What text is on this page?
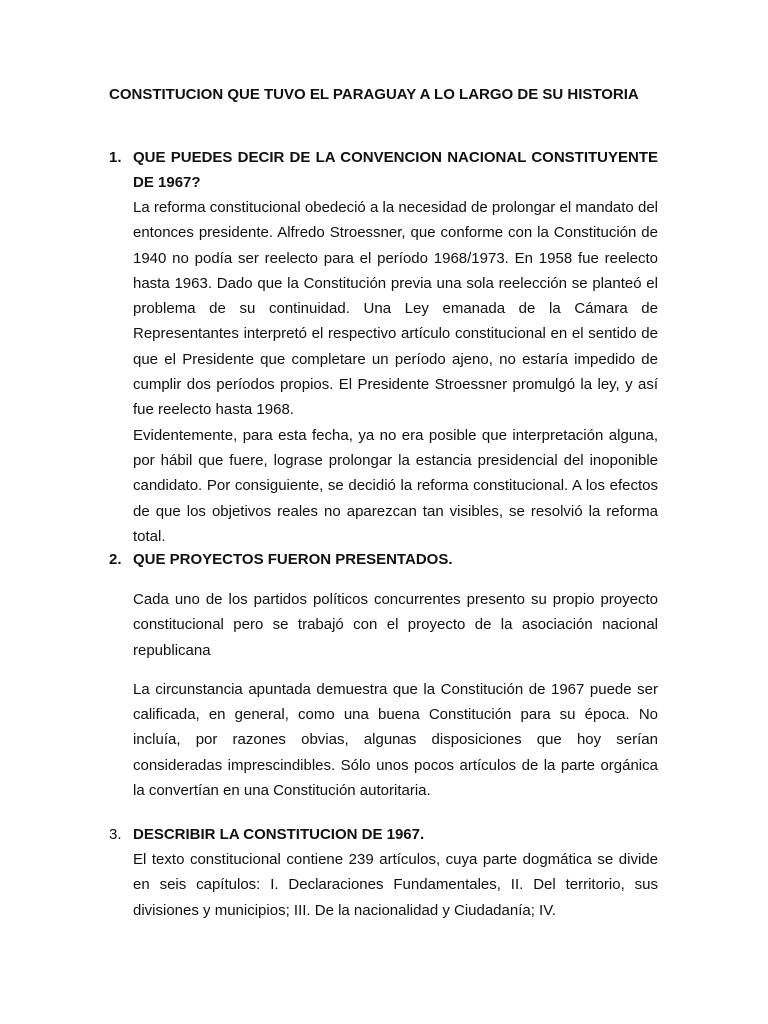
CONSTITUCION QUE TUVO EL PARAGUAY A LO LARGO DE SU HISTORIA
1. QUE PUEDES DECIR DE LA CONVENCION NACIONAL CONSTITUYENTE DE 1967?

La reforma constitucional obedeció a la necesidad de prolongar el mandato del entonces presidente. Alfredo Stroessner, que conforme con la Constitución de 1940 no podía ser reelecto para el período 1968/1973. En 1958 fue reelecto hasta 1963. Dado que la Constitución previa una sola reelección se planteó el problema de su continuidad. Una Ley emanada de la Cámara de Representantes interpretó el respectivo artículo constitucional en el sentido de que el Presidente que completare un período ajeno, no estaría impedido de cumplir dos períodos propios. El Presidente Stroessner promulgó la ley, y así fue reelecto hasta 1968.

Evidentemente, para esta fecha, ya no era posible que interpretación alguna, por hábil que fuere, lograse prolongar la estancia presidencial del inoponible candidato. Por consiguiente, se decidió la reforma constitucional. A los efectos de que los objetivos reales no aparezcan tan visibles, se resolvió la reforma total.

2. QUE PROYECTOS FUERON PRESENTADOS.

Cada uno de los partidos políticos concurrentes presento su propio proyecto constitucional pero se trabajó con el proyecto de la asociación nacional republicana

La circunstancia apuntada demuestra que la Constitución de 1967 puede ser calificada, en general, como una buena Constitución para su época. No incluía, por razones obvias, algunas disposiciones que hoy serían consideradas imprescindibles. Sólo unos pocos artículos de la parte orgánica la convertían en una Constitución autoritaria.

3. DESCRIBIR LA CONSTITUCION DE 1967.

El texto constitucional contiene 239 artículos, cuya parte dogmática se divide en seis capítulos: I. Declaraciones Fundamentales, II. Del territorio, sus divisiones y municipios; III. De la nacionalidad y Ciudadanía; IV.
